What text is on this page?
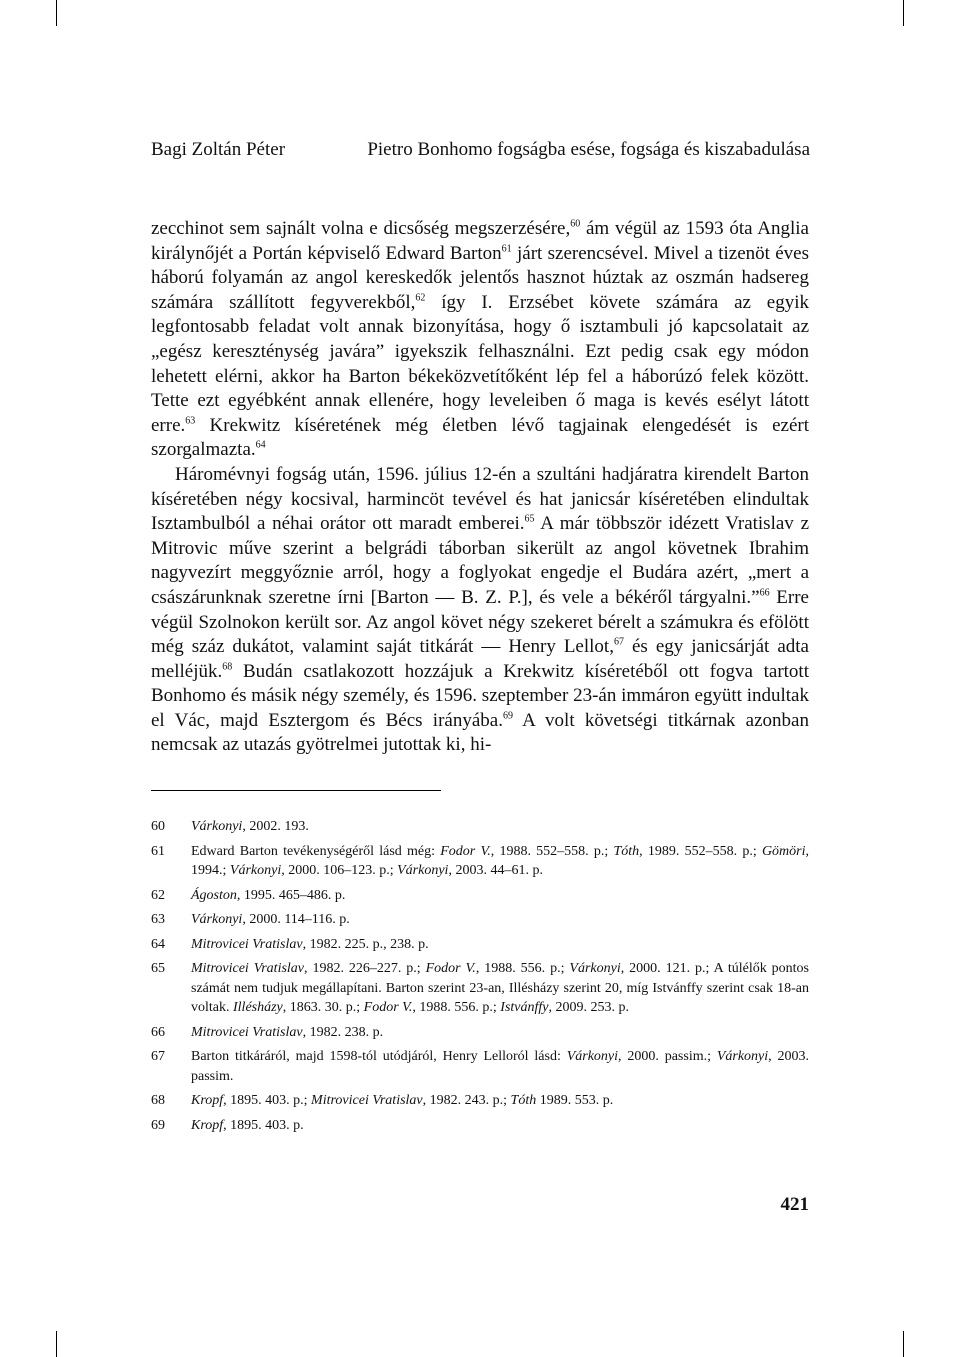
Bagi Zoltán Péter	Pietro Bonhomo fogságba esése, fogsága és kiszabadulása

zecchinot sem sajnált volna e dicsőség megszerzésére,$^{60}$ ám végül az 1593 óta Anglia királynőjét a Portán képviselő Edward Barton$^{61}$ járt szerencsével. Mivel a tizenöt éves háború folyamán az angol kereskedők jelentős hasznot húztak az oszmán hadsereg számára szállított fegyverekből,$^{62}$ így I. Erzsébet követe számára az egyik legfontosabb feladat volt annak bizonyítása, hogy ő isztambuli jó kapcsolatait az „egész kereszténység javára” igyekszik felhasználni. Ezt pedig csak egy módon lehetett elérni, akkor ha Barton békeközvetítőként lép fel a háborúzó felek között. Tette ezt egyébként annak ellenére, hogy leveleiben ő maga is kevés esélyt látott erre.$^{63}$ Krekwitz kíséretének még életben lévő tagjainak elengedését is ezért szorgalmazta.$^{64}$

Háromévnyi fogság után, 1596. július 12-én a szultáni hadjáratra kirendelt Barton kíséretében négy kocsival, harmincöt tevével és hat janicsár kíséretében elindultak Isztambulból a néhai orátor ott maradt emberei.$^{65}$ A már többször idézett Vratislav z Mitrovic műve szerint a belgrádi táborban sikerült az angol követnek Ibrahim nagyvezírt meggyőznie arról, hogy a foglyokat engedje el Budára azért, „mert a császárunknak szeretne írni [Barton — B. Z. P.], és vele a békéről tárgyalni.”$^{66}$ Erre végül Szolnokon került sor. Az angol követ négy szekeret bérelt a számukra és efölött még száz dukátot, valamint saját titkárát — Henry Lellot,$^{67}$ és egy janicsárját adta melléjük.$^{68}$ Budán csatlakozott hozzájuk a Krekwitz kíséretéből ott fogva tartott Bonhomo és másik négy személy, és 1596. szeptember 23-án immáron együtt indultak el Vác, majd Esztergom és Bécs irányába.$^{69}$ A volt követségi titkárnak azonban nemcsak az utazás gyötrelmei jutottak ki, hi-

60	Várkonyi, 2002. 193.
61	Edward Barton tevékenységéről lásd még: Fodor V., 1988. 552–558. p.; Tóth, 1989. 552–558. p.; Gömöri, 1994.; Várkonyi, 2000. 106–123. p.; Várkonyi, 2003. 44–61. p.
62	Ágoston, 1995. 465–486. p.
63	Várkonyi, 2000. 114–116. p.
64	Mitrovicei Vratislav, 1982. 225. p., 238. p.
65	Mitrovicei Vratislav, 1982. 226–227. p.; Fodor V., 1988. 556. p.; Várkonyi, 2000. 121. p.; A túlélők pontos számát nem tudjuk megállapítani. Barton szerint 23-an, Illésházy szerint 20, míg Istvánffy szerint csak 18-an voltak. Illésházy, 1863. 30. p.; Fodor V., 1988. 556. p.; Istvánffy, 2009. 253. p.
66	Mitrovicei Vratislav, 1982. 238. p.
67	Barton titkáráról, majd 1598-tól utódjáról, Henry Lelloról lásd: Várkonyi, 2000. passim.; Várkonyi, 2003. passim.
68	Kropf, 1895. 403. p.; Mitrovicei Vratislav, 1982. 243. p.; Tóth 1989. 553. p.
69	Kropf, 1895. 403. p.
421
